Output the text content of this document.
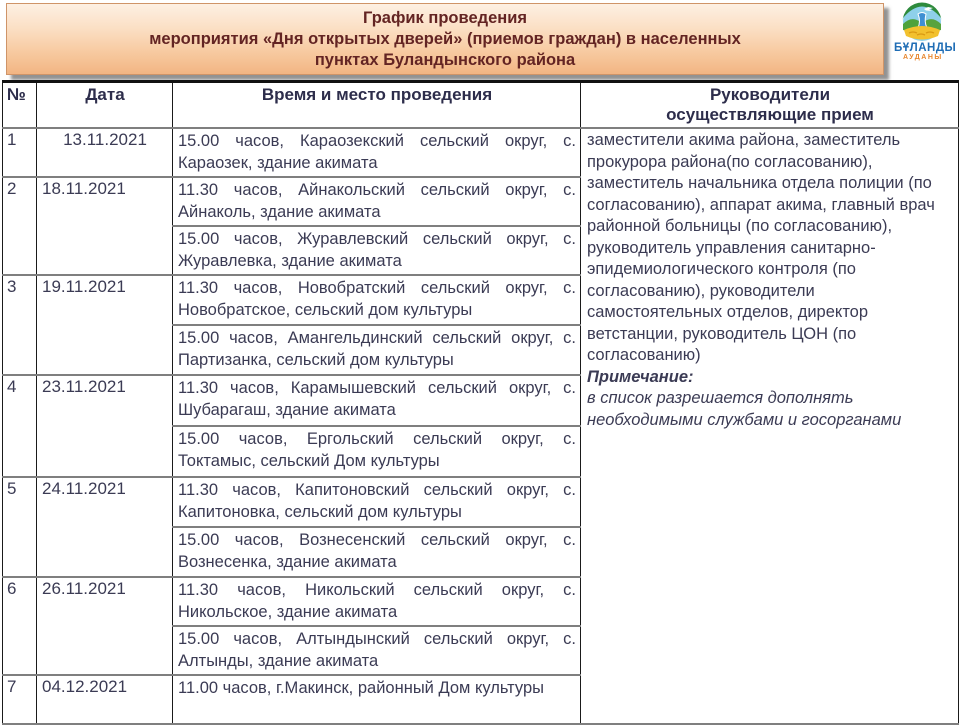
График проведения
мероприятия «Дня открытых дверей» (приемов граждан) в населенных
пунктах Буландынского района
БҰЛАНДЫ
АУДАНЫ
№	Дата	Время и место проведения	Руководители
осуществляющие прием

1	13.11.2021	15.00 часов, Караозекский сельский округ, с. Караозек, здание акимата	заместители акима района, заместитель прокурора района(по согласованию), заместитель начальника отдела полиции (по согласованию), аппарат акима, главный врач районной больницы (по согласованию), руководитель управления санитарно-эпидемиологического контроля (по согласованию), руководители самостоятельных отделов, директор ветстанции, руководитель ЦОН (по согласованию)
Примечание:
в список разрешается дополнять необходимыми службами и госорганами

2	18.11.2021	11.30 часов, Айнакольский сельский округ, с. Айнаколь, здание акимата	
		15.00 часов, Журавлевский сельский округ, с. Журавлевка, здание акимата	
3	19.11.2021	11.30 часов, Новобратский сельский округ, с. Новобратское, сельский дом культуры	
		15.00 часов, Амангельдинский сельский округ, с. Партизанка, сельский дом культуры	
4	23.11.2021	11.30 часов, Карамышевский сельский округ, с. Шубарагаш, здание акимата	
		15.00 часов, Ергольский сельский округ, с. Токтамыс, сельский Дом культуры	
5	24.11.2021	11.30 часов, Капитоновский сельский округ, с. Капитоновка, сельский дом культуры	
		15.00 часов, Вознесенский сельский округ, с. Вознесенка, здание акимата	
6	26.11.2021	11.30 часов, Никольский сельский округ, с. Никольское, здание акимата	
		15.00 часов, Алтындынский сельский округ, с. Алтынды, здание акимата	
7	04.12.2021	11.00 часов, г.Макинск, районный Дом культуры	
